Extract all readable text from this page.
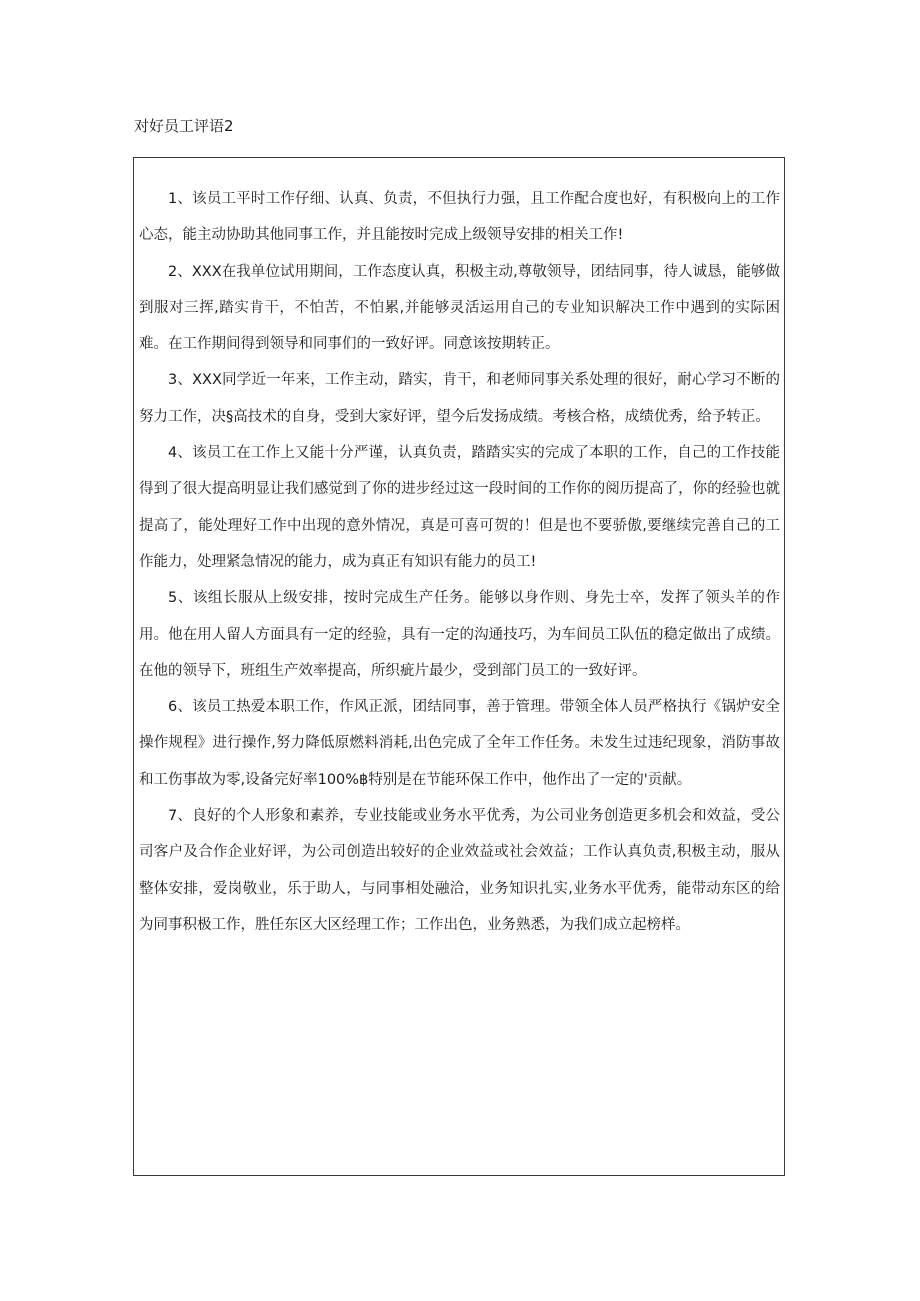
对好员工评语2

1、该员工平时工作仔细、认真、负责，不但执行力强，且工作配合度也好，有积极向上的工作心态，能主动协助其他同事工作，并且能按时完成上级领导安排的相关工作!

2、XXX在我单位试用期间，工作态度认真，积极主动,尊敬领导，团结同事，待人诚恳，能够做到服对三挥,踏实肯干，不怕苦，不怕累,并能够灵活运用自己的专业知识解决工作中遇到的实际困难。在工作期间得到领导和同事们的一致好评。同意该按期转正。

3、XXX同学近一年来，工作主动，踏实，肯干，和老师同事关系处理的很好，耐心学习不断的努力工作，决§高技术的自身，受到大家好评，望今后发扬成绩。考核合格，成绩优秀，给予转正。

4、该员工在工作上又能十分严谨，认真负责，踏踏实实的完成了本职的工作，自己的工作技能得到了很大提高明显让我们感觉到了你的进步经过这一段时间的工作你的阅历提高了，你的经验也就提高了，能处理好工作中出现的意外情况，真是可喜可贺的！但是也不要骄傲,要继续完善自己的工作能力，处理紧急情况的能力，成为真正有知识有能力的员工!

5、该组长服从上级安排，按时完成生产任务。能够以身作则、身先士卒，发挥了领头羊的作用。他在用人留人方面具有一定的经验，具有一定的沟通技巧，为车间员工队伍的稳定做出了成绩。在他的领导下，班组生产效率提高，所织疵片最少，受到部门员工的一致好评。

6、该员工热爱本职工作，作风正派，团结同事，善于管理。带领全体人员严格执行《锅炉安全操作规程》进行操作,努力降低原燃料消耗,出色完成了全年工作任务。未发生过违纪现象，消防事故和工伤事故为零,设备完好率100%฿特别是在节能环保工作中，他作出了一定的'贡献。

7、良好的个人形象和素养，专业技能或业务水平优秀，为公司业务创造更多机会和效益，受公司客户及合作企业好评，为公司创造出较好的企业效益或社会效益；工作认真负责,积极主动，服从整体安排，爱岗敬业，乐于助人，与同事相处融洽，业务知识扎实,业务水平优秀，能带动东区的给为同事积极工作，胜任东区大区经理工作；工作出色，业务熟悉，为我们成立起榜样。
